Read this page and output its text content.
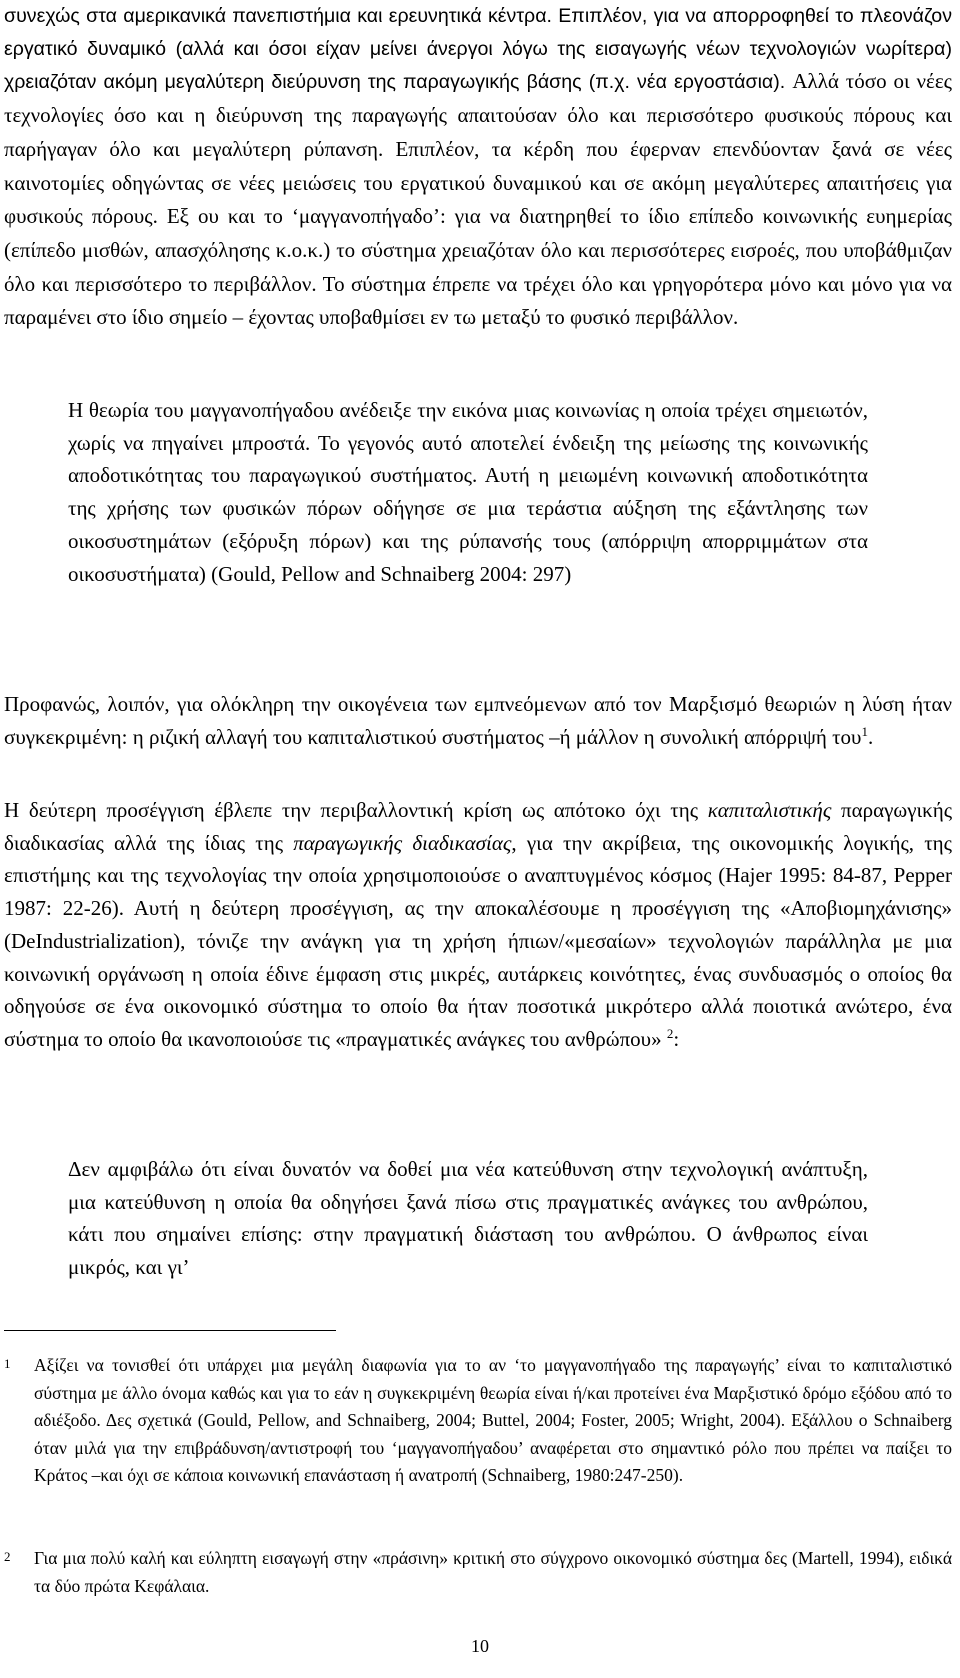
συνεχώς στα αμερικανικά πανεπιστήμια και ερευνητικά κέντρα. Επιπλέον, για να απορροφηθεί το πλεονάζον εργατικό δυναμικό (αλλά και όσοι είχαν μείνει άνεργοι λόγω της εισαγωγής νέων τεχνολογιών νωρίτερα) χρειαζόταν ακόμη μεγαλύτερη διεύρυνση της παραγωγικής βάσης (π.χ. νέα εργοστάσια). Αλλά τόσο οι νέες τεχνολογίες όσο και η διεύρυνση της παραγωγής απαιτούσαν όλο και περισσότερο φυσικούς πόρους και παρήγαγαν όλο και μεγαλύτερη ρύπανση. Επιπλέον, τα κέρδη που έφερναν επενδύονταν ξανά σε νέες καινοτομίες οδηγώντας σε νέες μειώσεις του εργατικού δυναμικού και σε ακόμη μεγαλύτερες απαιτήσεις για φυσικούς πόρους. Εξ ου και το ‘μαγγανοπήγαδο’: για να διατηρηθεί το ίδιο επίπεδο κοινωνικής ευημερίας (επίπεδο μισθών, απασχόλησης κ.ο.κ.) το σύστημα χρειαζόταν όλο και περισσότερες εισροές, που υποβάθμιζαν όλο και περισσότερο το περιβάλλον. Το σύστημα έπρεπε να τρέχει όλο και γρηγορότερα μόνο και μόνο για να παραμένει στο ίδιο σημείο – έχοντας υποβαθμίσει εν τω μεταξύ το φυσικό περιβάλλον.

Η θεωρία του μαγγανοπήγαδου ανέδειξε την εικόνα μιας κοινωνίας η οποία τρέχει σημειωτόν, χωρίς να πηγαίνει μπροστά. Το γεγονός αυτό αποτελεί ένδειξη της μείωσης της κοινωνικής αποδοτικότητας του παραγωγικού συστήματος. Αυτή η μειωμένη κοινωνική αποδοτικότητα της χρήσης των φυσικών πόρων οδήγησε σε μια τεράστια αύξηση της εξάντλησης των οικοσυστημάτων (εξόρυξη πόρων) και της ρύπανσής τους (απόρριψη απορριμμάτων στα οικοσυστήματα) (Gould, Pellow and Schnaiberg 2004: 297)

Προφανώς, λοιπόν, για ολόκληρη την οικογένεια των εμπνεόμενων από τον Μαρξισμό θεωριών η λύση ήταν συγκεκριμένη: η ριζική αλλαγή του καπιταλιστικού συστήματος –ή μάλλον η συνολική απόρριψή του$^1$.

Η δεύτερη προσέγγιση έβλεπε την περιβαλλοντική κρίση ως απότοκο όχι της καπιταλιστικής παραγωγικής διαδικασίας αλλά της ίδιας της παραγωγικής διαδικασίας, για την ακρίβεια, της οικονομικής λογικής, της επιστήμης και της τεχνολογίας την οποία χρησιμοποιούσε ο αναπτυγμένος κόσμος (Hajer 1995: 84-87, Pepper 1987: 22-26). Αυτή η δεύτερη προσέγγιση, ας την αποκαλέσουμε η προσέγγιση της «Αποβιομηχάνισης» (DeIndustrialization), τόνιζε την ανάγκη για τη χρήση ήπιων/«μεσαίων» τεχνολογιών παράλληλα με μια κοινωνική οργάνωση η οποία έδινε έμφαση στις μικρές, αυτάρκεις κοινότητες, ένας συνδυασμός ο οποίος θα οδηγούσε σε ένα οικονομικό σύστημα το οποίο θα ήταν ποσοτικά μικρότερο αλλά ποιοτικά ανώτερο, ένα σύστημα το οποίο θα ικανοποιούσε τις «πραγματικές ανάγκες του ανθρώπου» $^2$:

Δεν αμφιβάλω ότι είναι δυνατόν να δοθεί μια νέα κατεύθυνση στην τεχνολογική ανάπτυξη, μια κατεύθυνση η οποία θα οδηγήσει ξανά πίσω στις πραγματικές ανάγκες του ανθρώπου, κάτι που σημαίνει επίσης: στην πραγματική διάσταση του ανθρώπου. Ο άνθρωπος είναι μικρός, και γι’

1	Αξίζει να τονισθεί ότι υπάρχει μια μεγάλη διαφωνία για το αν ‘το μαγγανοπήγαδο της παραγωγής’ είναι το καπιταλιστικό σύστημα με άλλο όνομα καθώς και για το εάν η συγκεκριμένη θεωρία είναι ή/και προτείνει ένα Μαρξιστικό δρόμο εξόδου από το αδιέξοδο. Δες σχετικά (Gould, Pellow, and Schnaiberg, 2004; Buttel, 2004; Foster, 2005; Wright, 2004). Εξάλλου ο Schnaiberg όταν μιλά για την επιβράδυνση/αντιστροφή του ‘μαγγανοπήγαδου’ αναφέρεται στο σημαντικό ρόλο που πρέπει να παίξει το Κράτος –και όχι σε κάποια κοινωνική επανάσταση ή ανατροπή (Schnaiberg, 1980:247-250).
2	Για μια πολύ καλή και εύληπτη εισαγωγή στην «πράσινη» κριτική στο σύγχρονο οικονομικό σύστημα δες (Martell, 1994), ειδικά τα δύο πρώτα Κεφάλαια.
10
